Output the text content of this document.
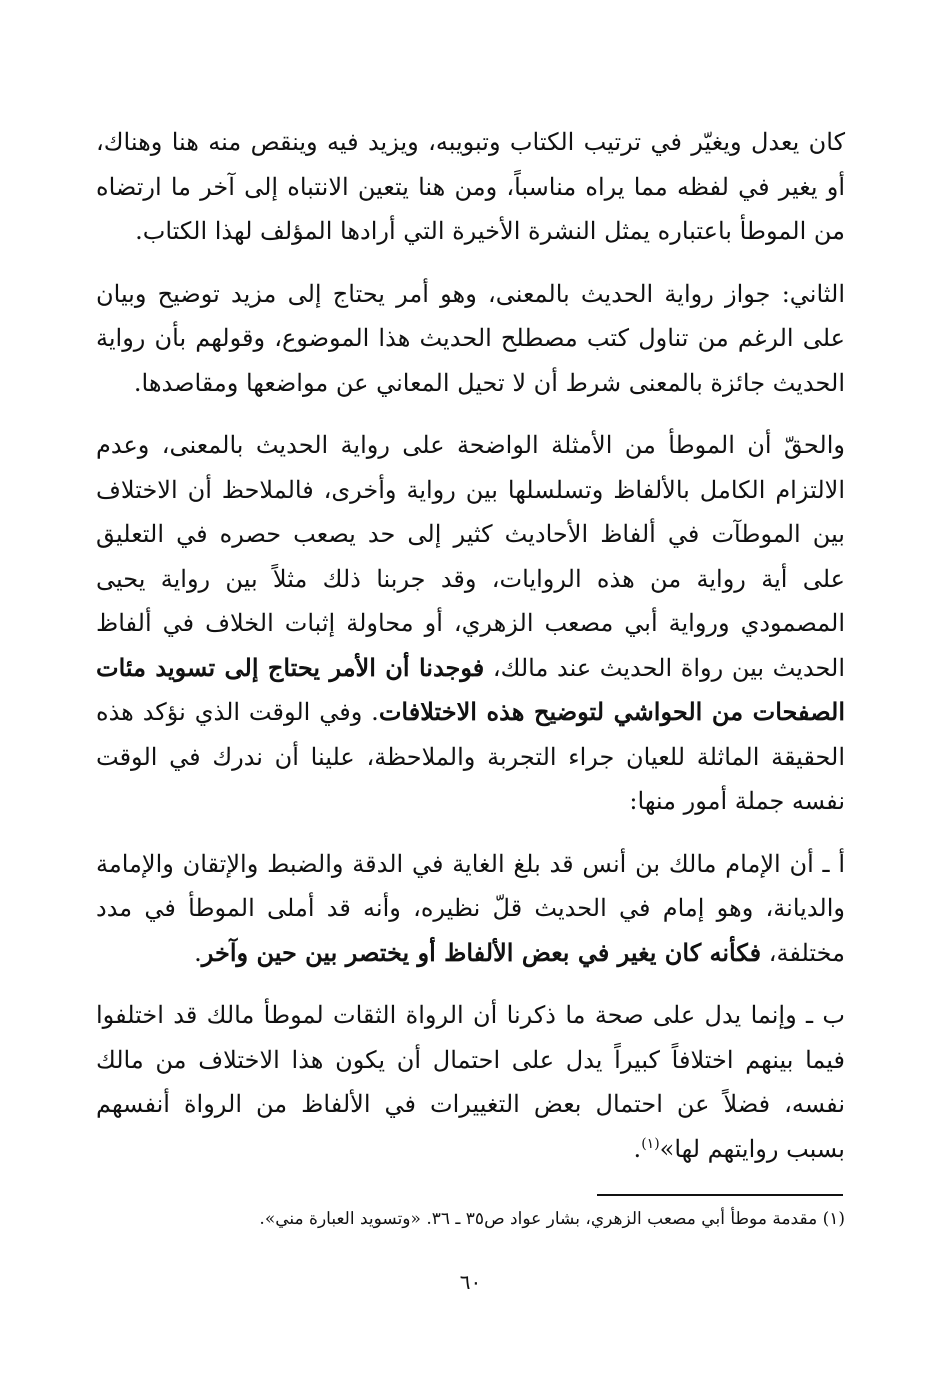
كان يعدل ويغيّر في ترتيب الكتاب وتبويبه، ويزيد فيه وينقص منه هنا وهناك، أو يغير في لفظه مما يراه مناسباً، ومن هنا يتعين الانتباه إلى آخر ما ارتضاه من الموطأ باعتباره يمثل النشرة الأخيرة التي أرادها المؤلف لهذا الكتاب.

الثاني: جواز رواية الحديث بالمعنى، وهو أمر يحتاج إلى مزيد توضيح وبيان على الرغم من تناول كتب مصطلح الحديث هذا الموضوع، وقولهم بأن رواية الحديث جائزة بالمعنى شرط أن لا تحيل المعاني عن مواضعها ومقاصدها.

والحقّ أن الموطأ من الأمثلة الواضحة على رواية الحديث بالمعنى، وعدم الالتزام الكامل بالألفاظ وتسلسلها بين رواية وأخرى، فالملاحظ أن الاختلاف بين الموطآت في ألفاظ الأحاديث كثير إلى حد يصعب حصره في التعليق على أية رواية من هذه الروايات، وقد جربنا ذلك مثلاً بين رواية يحيى المصمودي ورواية أبي مصعب الزهري، أو محاولة إثبات الخلاف في ألفاظ الحديث بين رواة الحديث عند مالك، فوجدنا أن الأمر يحتاج إلى تسويد مئات الصفحات من الحواشي لتوضيح هذه الاختلافات. وفي الوقت الذي نؤكد هذه الحقيقة الماثلة للعيان جراء التجربة والملاحظة، علينا أن ندرك في الوقت نفسه جملة أمور منها:

أ ـ أن الإمام مالك بن أنس قد بلغ الغاية في الدقة والضبط والإتقان والإمامة والديانة، وهو إمام في الحديث قلّ نظيره، وأنه قد أملى الموطأ في مدد مختلفة، فكأنه كان يغير في بعض الألفاظ أو يختصر بين حين وآخر.

ب ـ وإنما يدل على صحة ما ذكرنا أن الرواة الثقات لموطأ مالك قد اختلفوا فيما بينهم اختلافاً كبيراً يدل على احتمال أن يكون هذا الاختلاف من مالك نفسه، فضلاً عن احتمال بعض التغييرات في الألفاظ من الرواة أنفسهم بسبب روايتهم لها»$^{(١)}$.

(١) مقدمة موطأ أبي مصعب الزهري، بشار عواد ص٣٥ ـ ٣٦. «وتسويد العبارة مني».
٦٠
